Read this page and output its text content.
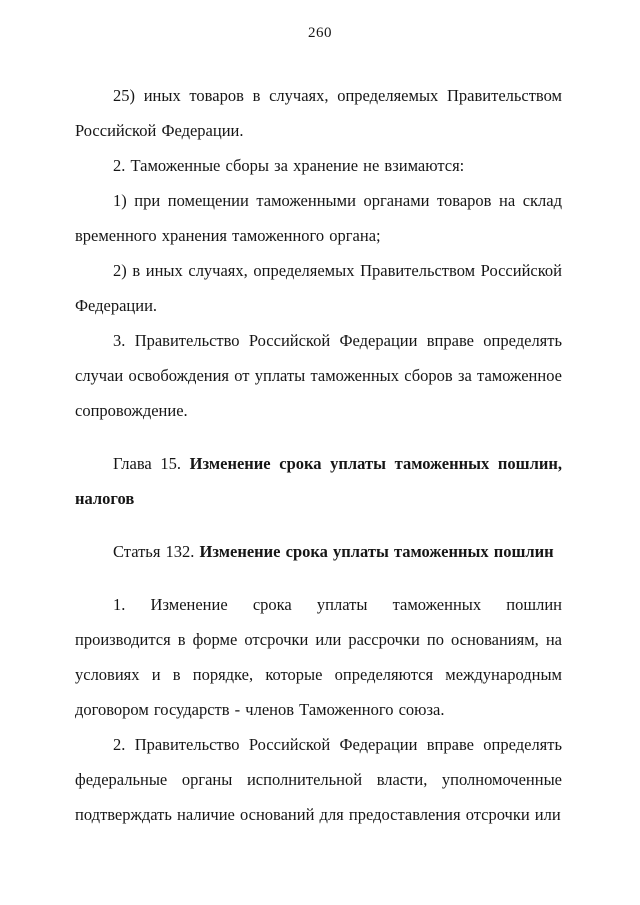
260

25) иных товаров в случаях, определяемых Правительством Российской Федерации.

2. Таможенные сборы за хранение не взимаются:

1) при помещении таможенными органами товаров на склад временного хранения таможенного органа;

2) в иных случаях, определяемых Правительством Российской Федерации.

3. Правительство Российской Федерации вправе определять случаи освобождения от уплаты таможенных сборов за таможенное сопровождение.

Глава 15. Изменение срока уплаты таможенных пошлин, налогов

Статья 132. Изменение срока уплаты таможенных пошлин

1. Изменение срока уплаты таможенных пошлин производится в форме отсрочки или рассрочки по основаниям, на условиях и в порядке, которые определяются международным договором государств - членов Таможенного союза.

2. Правительство Российской Федерации вправе определять федеральные органы исполнительной власти, уполномоченные подтверждать наличие оснований для предоставления отсрочки или
